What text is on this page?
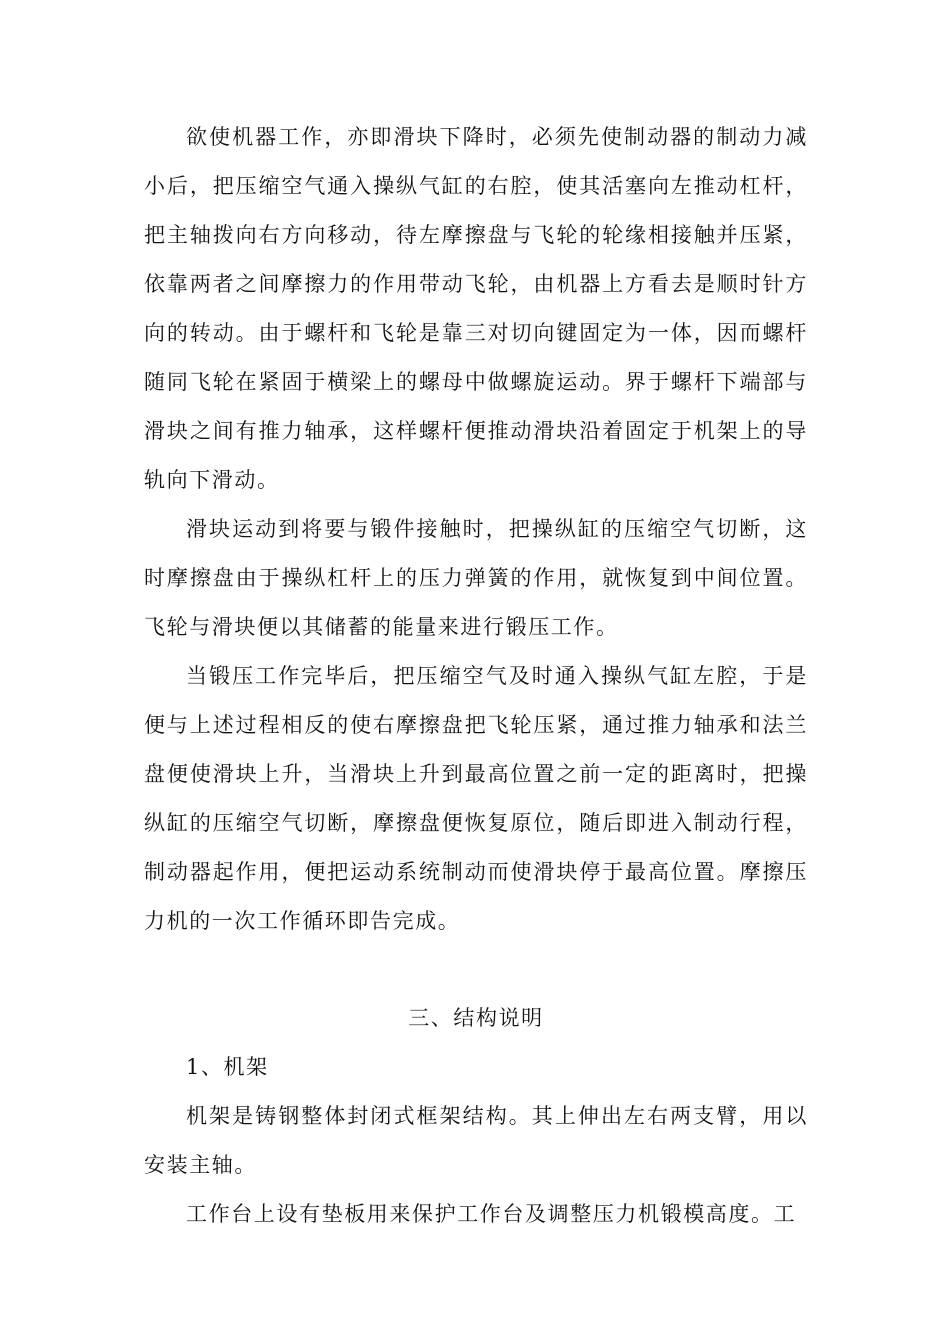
欲使机器工作，亦即滑块下降时，必须先使制动器的制动力减小后，把压缩空气通入操纵气缸的右腔，使其活塞向左推动杠杆，把主轴拨向右方向移动，待左摩擦盘与飞轮的轮缘相接触并压紧，依靠两者之间摩擦力的作用带动飞轮，由机器上方看去是顺时针方向的转动。由于螺杆和飞轮是靠三对切向键固定为一体，因而螺杆随同飞轮在紧固于横梁上的螺母中做螺旋运动。界于螺杆下端部与滑块之间有推力轴承，这样螺杆便推动滑块沿着固定于机架上的导轨向下滑动。

滑块运动到将要与锻件接触时，把操纵缸的压缩空气切断，这时摩擦盘由于操纵杠杆上的压力弹簧的作用，就恢复到中间位置。飞轮与滑块便以其储蓄的能量来进行锻压工作。

当锻压工作完毕后，把压缩空气及时通入操纵气缸左腔，于是便与上述过程相反的使右摩擦盘把飞轮压紧，通过推力轴承和法兰盘便使滑块上升，当滑块上升到最高位置之前一定的距离时，把操纵缸的压缩空气切断，摩擦盘便恢复原位，随后即进入制动行程，制动器起作用，便把运动系统制动而使滑块停于最高位置。摩擦压力机的一次工作循环即告完成。

三、结构说明

1、机架

机架是铸钢整体封闭式框架结构。其上伸出左右两支臂，用以安装主轴。

工作台上设有垫板用来保护工作台及调整压力机锻模高度。工
